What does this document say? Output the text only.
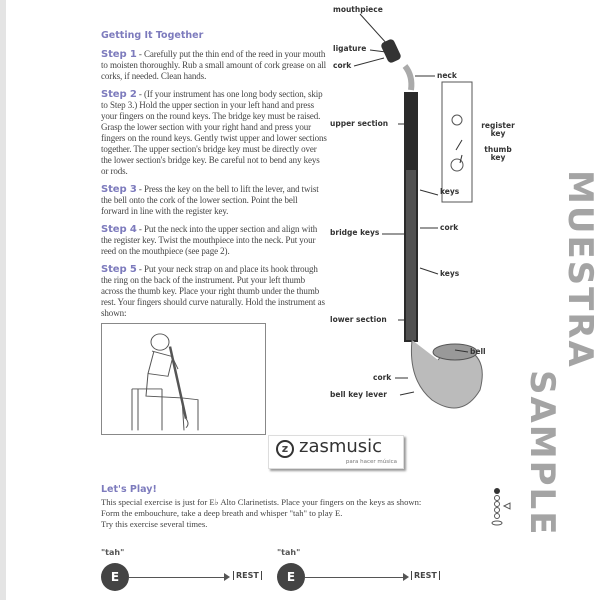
Getting It Together
Step 1 - Carefully put the thin end of the reed in your mouth to moisten thoroughly. Rub a small amount of cork grease on all corks, if needed. Clean hands.
Step 2 - (If your instrument has one long body section, skip to Step 3.) Hold the upper section in your left hand and press your fingers on the round keys. The bridge key must be raised. Grasp the lower section with your right hand and press your fingers on the round keys. Gently twist upper and lower sections together. The upper section's bridge key must be directly over the lower section's bridge key. Be careful not to bend any keys or rods.
Step 3 - Press the key on the bell to lift the lever, and twist the bell onto the cork of the lower section. Point the bell forward in line with the register key.
Step 4 - Put the neck into the upper section and align with the register key. Twist the mouthpiece into the neck. Put your reed on the mouthpiece (see page 2).
Step 5 - Put your neck strap on and place its hook through the ring on the back of the instrument. Put your left thumb across the thumb key. Place your right thumb under the thumb rest. Your fingers should curve naturally. Hold the instrument as shown:
mouthpiece
ligature
cork
neck
upper section	register key
thumb key
keys
bridge keys
cork
keys
lower section
bell
cork
bell key lever
MUESTRA
SAMPLE
z zasmusic
para hacer música
Let's Play!
This special exercise is just for E♭ Alto Clarinetists. Place your fingers on the keys as shown:
Form the embouchure, take a deep breath and whisper "tah" to play E.
Try this exercise several times.
"tah"
E	REST
"tah"
E	REST
